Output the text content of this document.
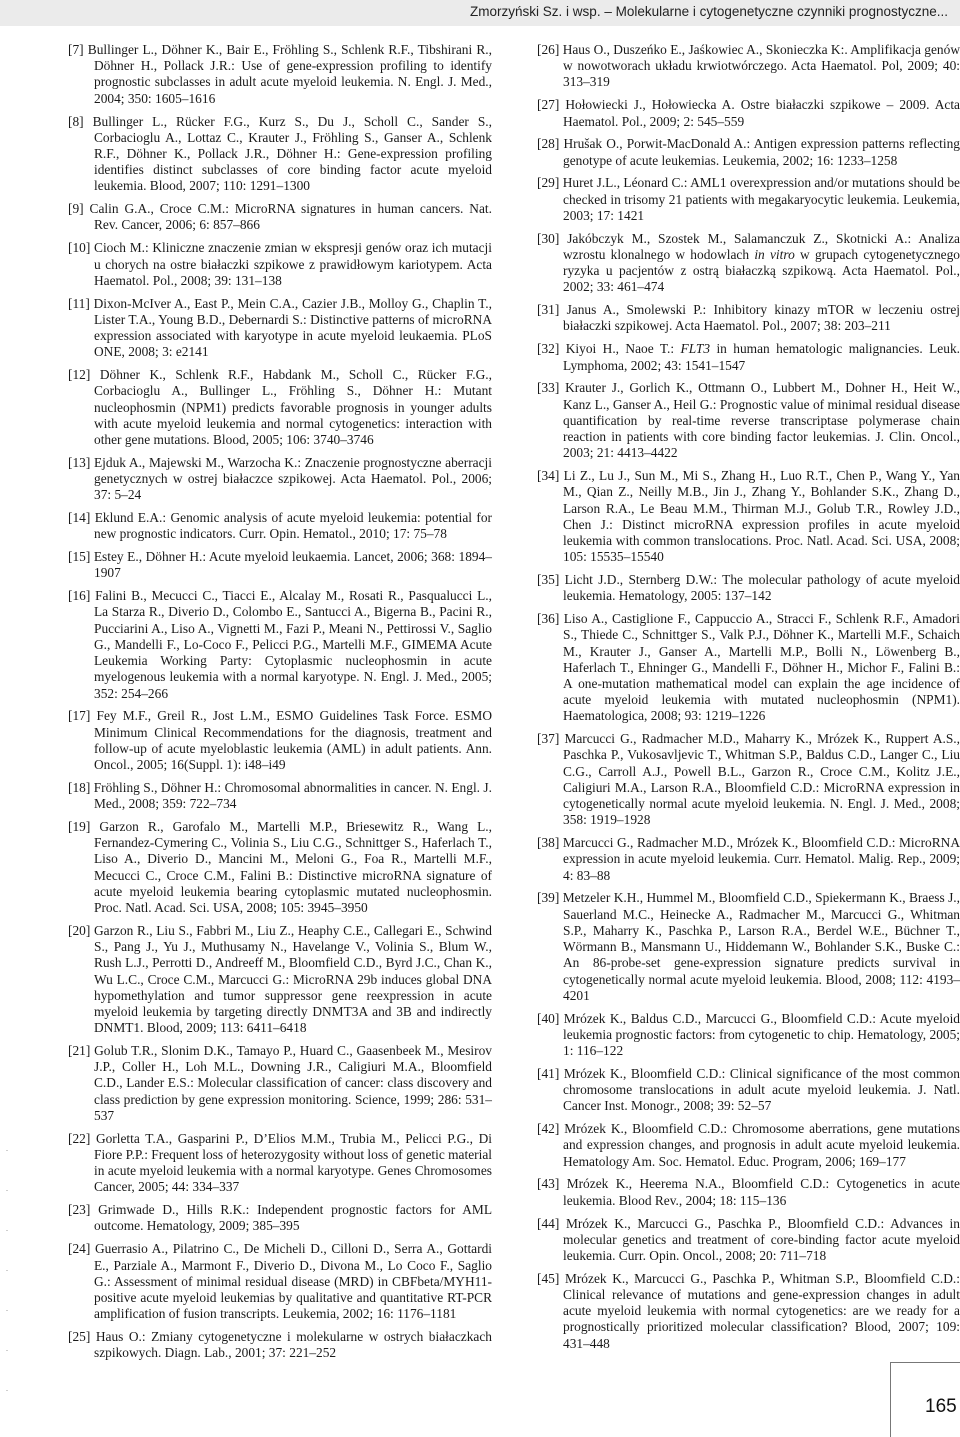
Zmorzyński Sz. i wsp. – Molekularne i cytogenetyczne czynniki prognostyczne...

[7] Bullinger L., Döhner K., Bair E., Fröhling S., Schlenk R.F., Tibshirani R., Döhner H., Pollack J.R.: Use of gene-expression profiling to identify prognostic subclasses in adult acute myeloid leukemia. N. Engl. J. Med., 2004; 350: 1605–1616

[8] Bullinger L., Rücker F.G., Kurz S., Du J., Scholl C., Sander S., Corbacioglu A., Lottaz C., Krauter J., Fröhling S., Ganser A., Schlenk R.F., Döhner K., Pollack J.R., Döhner H.: Gene-expression profiling identifies distinct subclasses of core binding factor acute myeloid leukemia. Blood, 2007; 110: 1291–1300

[9] Calin G.A., Croce C.M.: MicroRNA signatures in human cancers. Nat. Rev. Cancer, 2006; 6: 857–866

[10] Cioch M.: Kliniczne znaczenie zmian w ekspresji genów oraz ich mutacji u chorych na ostre białaczki szpikowe z prawidłowym kariotypem. Acta Haematol. Pol., 2008; 39: 131–138

[11] Dixon-McIver A., East P., Mein C.A., Cazier J.B., Molloy G., Chaplin T., Lister T.A., Young B.D., Debernardi S.: Distinctive patterns of microRNA expression associated with karyotype in acute myeloid leukaemia. PLoS ONE, 2008; 3: e2141

[12] Döhner K., Schlenk R.F., Habdank M., Scholl C., Rücker F.G., Corbacioglu A., Bullinger L., Fröhling S., Döhner H.: Mutant nucleophosmin (NPM1) predicts favorable prognosis in younger adults with acute myeloid leukemia and normal cytogenetics: interaction with other gene mutations. Blood, 2005; 106: 3740–3746

[13] Ejduk A., Majewski M., Warzocha K.: Znaczenie prognostyczne aberracji genetycznych w ostrej białaczce szpikowej. Acta Haematol. Pol., 2006; 37: 5–24

[14] Eklund E.A.: Genomic analysis of acute myeloid leukemia: potential for new prognostic indicators. Curr. Opin. Hematol., 2010; 17: 75–78

[15] Estey E., Döhner H.: Acute myeloid leukaemia. Lancet, 2006; 368: 1894–1907

[16] Falini B., Mecucci C., Tiacci E., Alcalay M., Rosati R., Pasqualucci L., La Starza R., Diverio D., Colombo E., Santucci A., Bigerna B., Pacini R., Pucciarini A., Liso A., Vignetti M., Fazi P., Meani N., Pettirossi V., Saglio G., Mandelli F., Lo-Coco F., Pelicci P.G., Martelli M.F., GIMEMA Acute Leukemia Working Party: Cytoplasmic nucleophosmin in acute myelogenous leukemia with a normal karyotype. N. Engl. J. Med., 2005; 352: 254–266

[17] Fey M.F., Greil R., Jost L.M., ESMO Guidelines Task Force. ESMO Minimum Clinical Recommendations for the diagnosis, treatment and follow-up of acute myeloblastic leukemia (AML) in adult patients. Ann. Oncol., 2005; 16(Suppl. 1): i48–i49

[18] Fröhling S., Döhner H.: Chromosomal abnormalities in cancer. N. Engl. J. Med., 2008; 359: 722–734

[19] Garzon R., Garofalo M., Martelli M.P., Briesewitz R., Wang L., Fernandez-Cymering C., Volinia S., Liu C.G., Schnittger S., Haferlach T., Liso A., Diverio D., Mancini M., Meloni G., Foa R., Martelli M.F., Mecucci C., Croce C.M., Falini B.: Distinctive microRNA signature of acute myeloid leukemia bearing cytoplasmic mutated nucleophosmin. Proc. Natl. Acad. Sci. USA, 2008; 105: 3945–3950

[20] Garzon R., Liu S., Fabbri M., Liu Z., Heaphy C.E., Callegari E., Schwind S., Pang J., Yu J., Muthusamy N., Havelange V., Volinia S., Blum W., Rush L.J., Perrotti D., Andreeff M., Bloomfield C.D., Byrd J.C., Chan K., Wu L.C., Croce C.M., Marcucci G.: MicroRNA 29b induces global DNA hypomethylation and tumor suppressor gene reexpression in acute myeloid leukemia by targeting directly DNMT3A and 3B and indirectly DNMT1. Blood, 2009; 113: 6411–6418

[21] Golub T.R., Slonim D.K., Tamayo P., Huard C., Gaasenbeek M., Mesirov J.P., Coller H., Loh M.L., Downing J.R., Caligiuri M.A., Bloomfield C.D., Lander E.S.: Molecular classification of cancer: class discovery and class prediction by gene expression monitoring. Science, 1999; 286: 531–537

[22] Gorletta T.A., Gasparini P., D’Elios M.M., Trubia M., Pelicci P.G., Di Fiore P.P.: Frequent loss of heterozygosity without loss of genetic material in acute myeloid leukemia with a normal karyotype. Genes Chromosomes Cancer, 2005; 44: 334–337

[23] Grimwade D., Hills R.K.: Independent prognostic factors for AML outcome. Hematology, 2009; 385–395

[24] Guerrasio A., Pilatrino C., De Micheli D., Cilloni D., Serra A., Gottardi E., Parziale A., Marmont F., Diverio D., Divona M., Lo Coco F., Saglio G.: Assessment of minimal residual disease (MRD) in CBFbeta/MYH11-positive acute myeloid leukemias by qualitative and quantitative RT-PCR amplification of fusion transcripts. Leukemia, 2002; 16: 1176–1181

[25] Haus O.: Zmiany cytogenetyczne i molekularne w ostrych białaczkach szpikowych. Diagn. Lab., 2001; 37: 221–252

[26] Haus O., Duszeńko E., Jaśkowiec A., Skonieczka K:. Amplifikacja genów w nowotworach układu krwiotwórczego. Acta Haematol. Pol, 2009; 40: 313–319

[27] Hołowiecki J., Hołowiecka A. Ostre białaczki szpikowe – 2009. Acta Haematol. Pol., 2009; 2: 545–559

[28] Hrušak O., Porwit-MacDonald A.: Antigen expression patterns reflecting genotype of acute leukemias. Leukemia, 2002; 16: 1233–1258

[29] Huret J.L., Léonard C.: AML1 overexpression and/or mutations should be checked in trisomy 21 patients with megakaryocytic leukemia. Leukemia, 2003; 17: 1421

[30] Jakóbczyk M., Szostek M., Salamanczuk Z., Skotnicki A.: Analiza wzrostu klonalnego w hodowlach in vitro w grupach cytogenetycznego ryzyka u pacjentów z ostrą białaczką szpikową. Acta Haematol. Pol., 2002; 33: 461–474

[31] Janus A., Smolewski P.: Inhibitory kinazy mTOR w leczeniu ostrej białaczki szpikowej. Acta Haematol. Pol., 2007; 38: 203–211

[32] Kiyoi H., Naoe T.: FLT3 in human hematologic malignancies. Leuk. Lymphoma, 2002; 43: 1541–1547

[33] Krauter J., Gorlich K., Ottmann O., Lubbert M., Dohner H., Heit W., Kanz L., Ganser A., Heil G.: Prognostic value of minimal residual disease quantification by real-time reverse transcriptase polymerase chain reaction in patients with core binding factor leukemias. J. Clin. Oncol., 2003; 21: 4413–4422

[34] Li Z., Lu J., Sun M., Mi S., Zhang H., Luo R.T., Chen P., Wang Y., Yan M., Qian Z., Neilly M.B., Jin J., Zhang Y., Bohlander S.K., Zhang D., Larson R.A., Le Beau M.M., Thirman M.J., Golub T.R., Rowley J.D., Chen J.: Distinct microRNA expression profiles in acute myeloid leukemia with common translocations. Proc. Natl. Acad. Sci. USA, 2008; 105: 15535–15540

[35] Licht J.D., Sternberg D.W.: The molecular pathology of acute myeloid leukemia. Hematology, 2005: 137–142

[36] Liso A., Castiglione F., Cappuccio A., Stracci F., Schlenk R.F., Amadori S., Thiede C., Schnittger S., Valk P.J., Döhner K., Martelli M.F., Schaich M., Krauter J., Ganser A., Martelli M.P., Bolli N., Löwenberg B., Haferlach T., Ehninger G., Mandelli F., Döhner H., Michor F., Falini B.: A one-mutation mathematical model can explain the age incidence of acute myeloid leukemia with mutated nucleophosmin (NPM1). Haematologica, 2008; 93: 1219–1226

[37] Marcucci G., Radmacher M.D., Maharry K., Mrózek K., Ruppert A.S., Paschka P., Vukosavljevic T., Whitman S.P., Baldus C.D., Langer C., Liu C.G., Carroll A.J., Powell B.L., Garzon R., Croce C.M., Kolitz J.E., Caligiuri M.A., Larson R.A., Bloomfield C.D.: MicroRNA expression in cytogenetically normal acute myeloid leukemia. N. Engl. J. Med., 2008; 358: 1919–1928

[38] Marcucci G., Radmacher M.D., Mrózek K., Bloomfield C.D.: MicroRNA expression in acute myeloid leukemia. Curr. Hematol. Malig. Rep., 2009; 4: 83–88

[39] Metzeler K.H., Hummel M., Bloomfield C.D., Spiekermann K., Braess J., Sauerland M.C., Heinecke A., Radmacher M., Marcucci G., Whitman S.P., Maharry K., Paschka P., Larson R.A., Berdel W.E., Büchner T., Wörmann B., Mansmann U., Hiddemann W., Bohlander S.K., Buske C.: An 86-probe-set gene-expression signature predicts survival in cytogenetically normal acute myeloid leukemia. Blood, 2008; 112: 4193–4201

[40] Mrózek K., Baldus C.D., Marcucci G., Bloomfield C.D.: Acute myeloid leukemia prognostic factors: from cytogenetic to chip. Hematology, 2005; 1: 116–122

[41] Mrózek K., Bloomfield C.D.: Clinical significance of the most common chromosome translocations in adult acute myeloid leukemia. J. Natl. Cancer Inst. Monogr., 2008; 39: 52–57

[42] Mrózek K., Bloomfield C.D.: Chromosome aberrations, gene mutations and expression changes, and prognosis in adult acute myeloid leukemia. Hematology Am. Soc. Hematol. Educ. Program, 2006; 169–177

[43] Mrózek K., Heerema N.A., Bloomfield C.D.: Cytogenetics in acute leukemia. Blood Rev., 2004; 18: 115–136

[44] Mrózek K., Marcucci G., Paschka P., Bloomfield C.D.: Advances in molecular genetics and treatment of core-binding factor acute myeloid leukemia. Curr. Opin. Oncol., 2008; 20: 711–718

[45] Mrózek K., Marcucci G., Paschka P., Whitman S.P., Bloomfield C.D.: Clinical relevance of mutations and gene-expression changes in adult acute myeloid leukemia with normal cytogenetics: are we ready for a prognostically prioritized molecular classification? Blood, 2007; 109: 431–448

165
